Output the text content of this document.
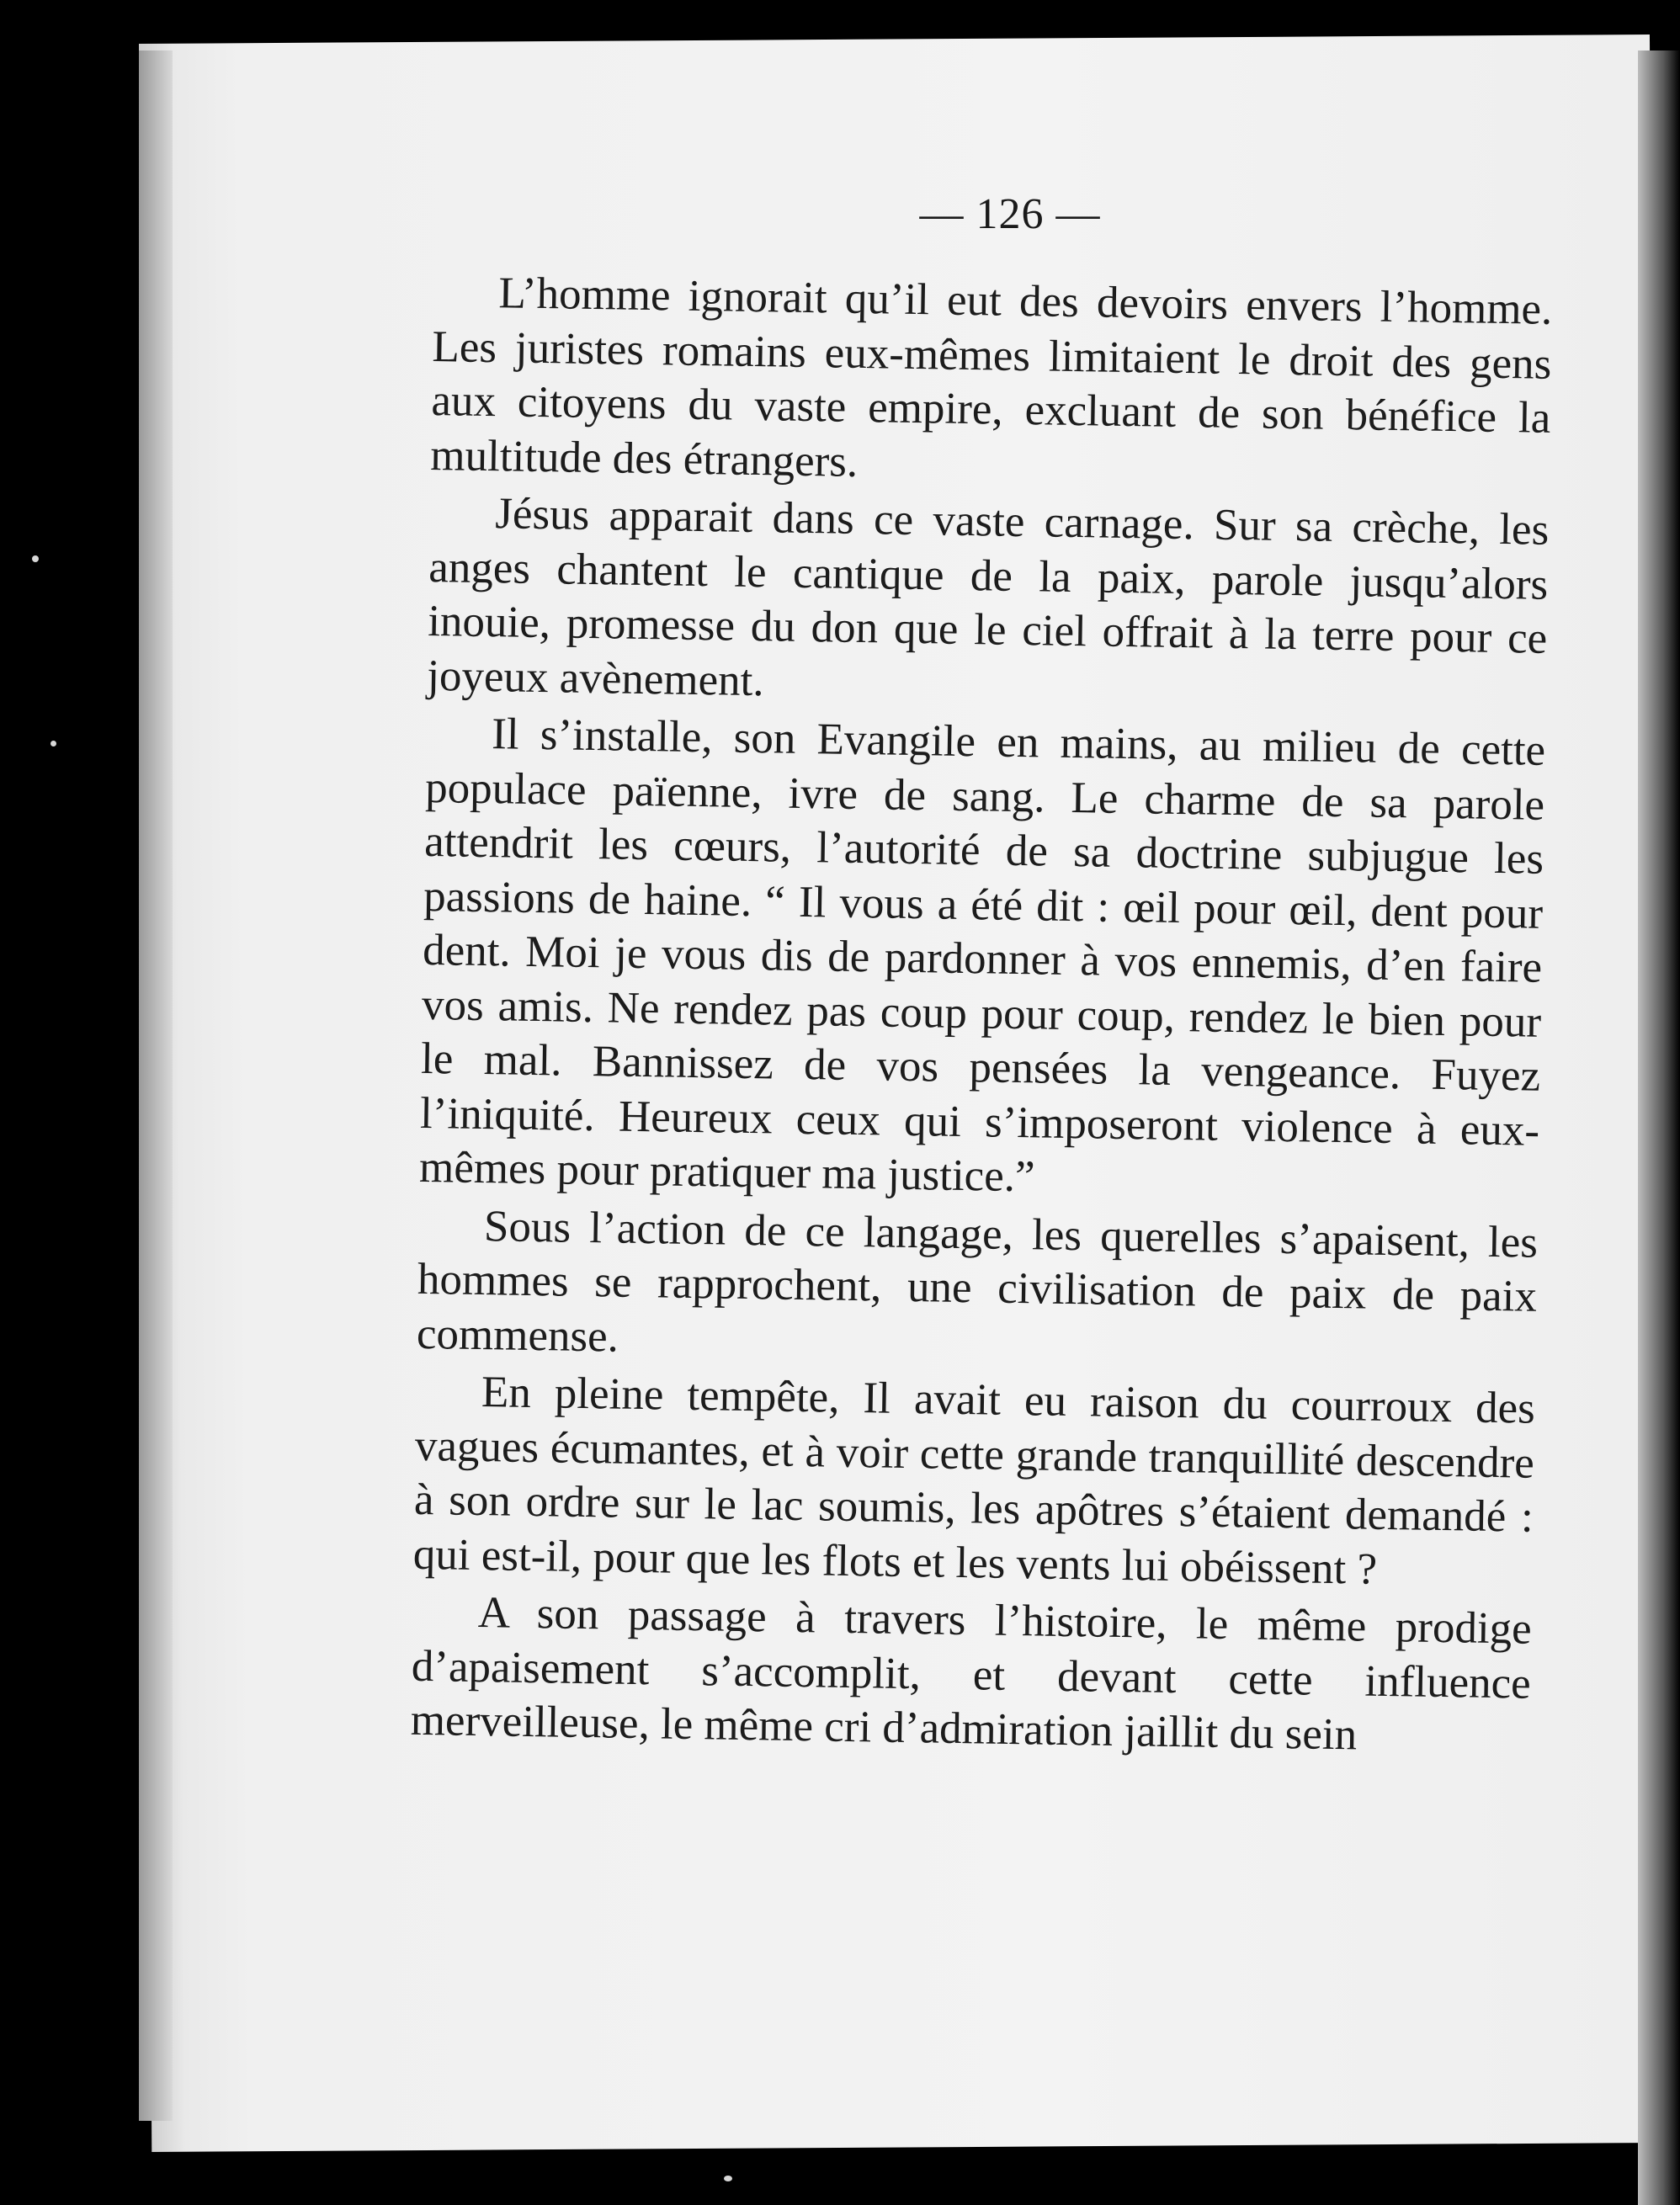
— 126 —

L’homme ignorait qu’il eut des devoirs envers l’homme. Les juristes romains eux-mêmes limitaient le droit des gens aux citoyens du vaste empire, excluant de son bénéfice la multitude des étrangers.

Jésus apparait dans ce vaste carnage. Sur sa crèche, les anges chantent le cantique de la paix, parole jusqu’alors inouie, promesse du don que le ciel offrait à la terre pour ce joyeux avènement.

Il s’installe, son Evangile en mains, au milieu de cette populace païenne, ivre de sang. Le charme de sa parole attendrit les cœurs, l’autorité de sa doctrine subjugue les passions de haine. “ Il vous a été dit : œil pour œil, dent pour dent. Moi je vous dis de pardonner à vos ennemis, d’en faire vos amis. Ne rendez pas coup pour coup, rendez le bien pour le mal. Bannissez de vos pensées la vengeance. Fuyez l’iniquité. Heureux ceux qui s’imposeront violence à eux-mêmes pour pratiquer ma justice.”

Sous l’action de ce langage, les querelles s’apaisent, les hommes se rapprochent, une civilisation de paix de paix commense.

En pleine tempête, Il avait eu raison du courroux des vagues écumantes, et à voir cette grande tranquillité descendre à son ordre sur le lac soumis, les apôtres s’étaient demandé : qui est-il, pour que les flots et les vents lui obéissent ?

A son passage à travers l’histoire, le même prodige d’apaisement s’accomplit, et devant cette influence merveilleuse, le même cri d’admiration jaillit du sein
